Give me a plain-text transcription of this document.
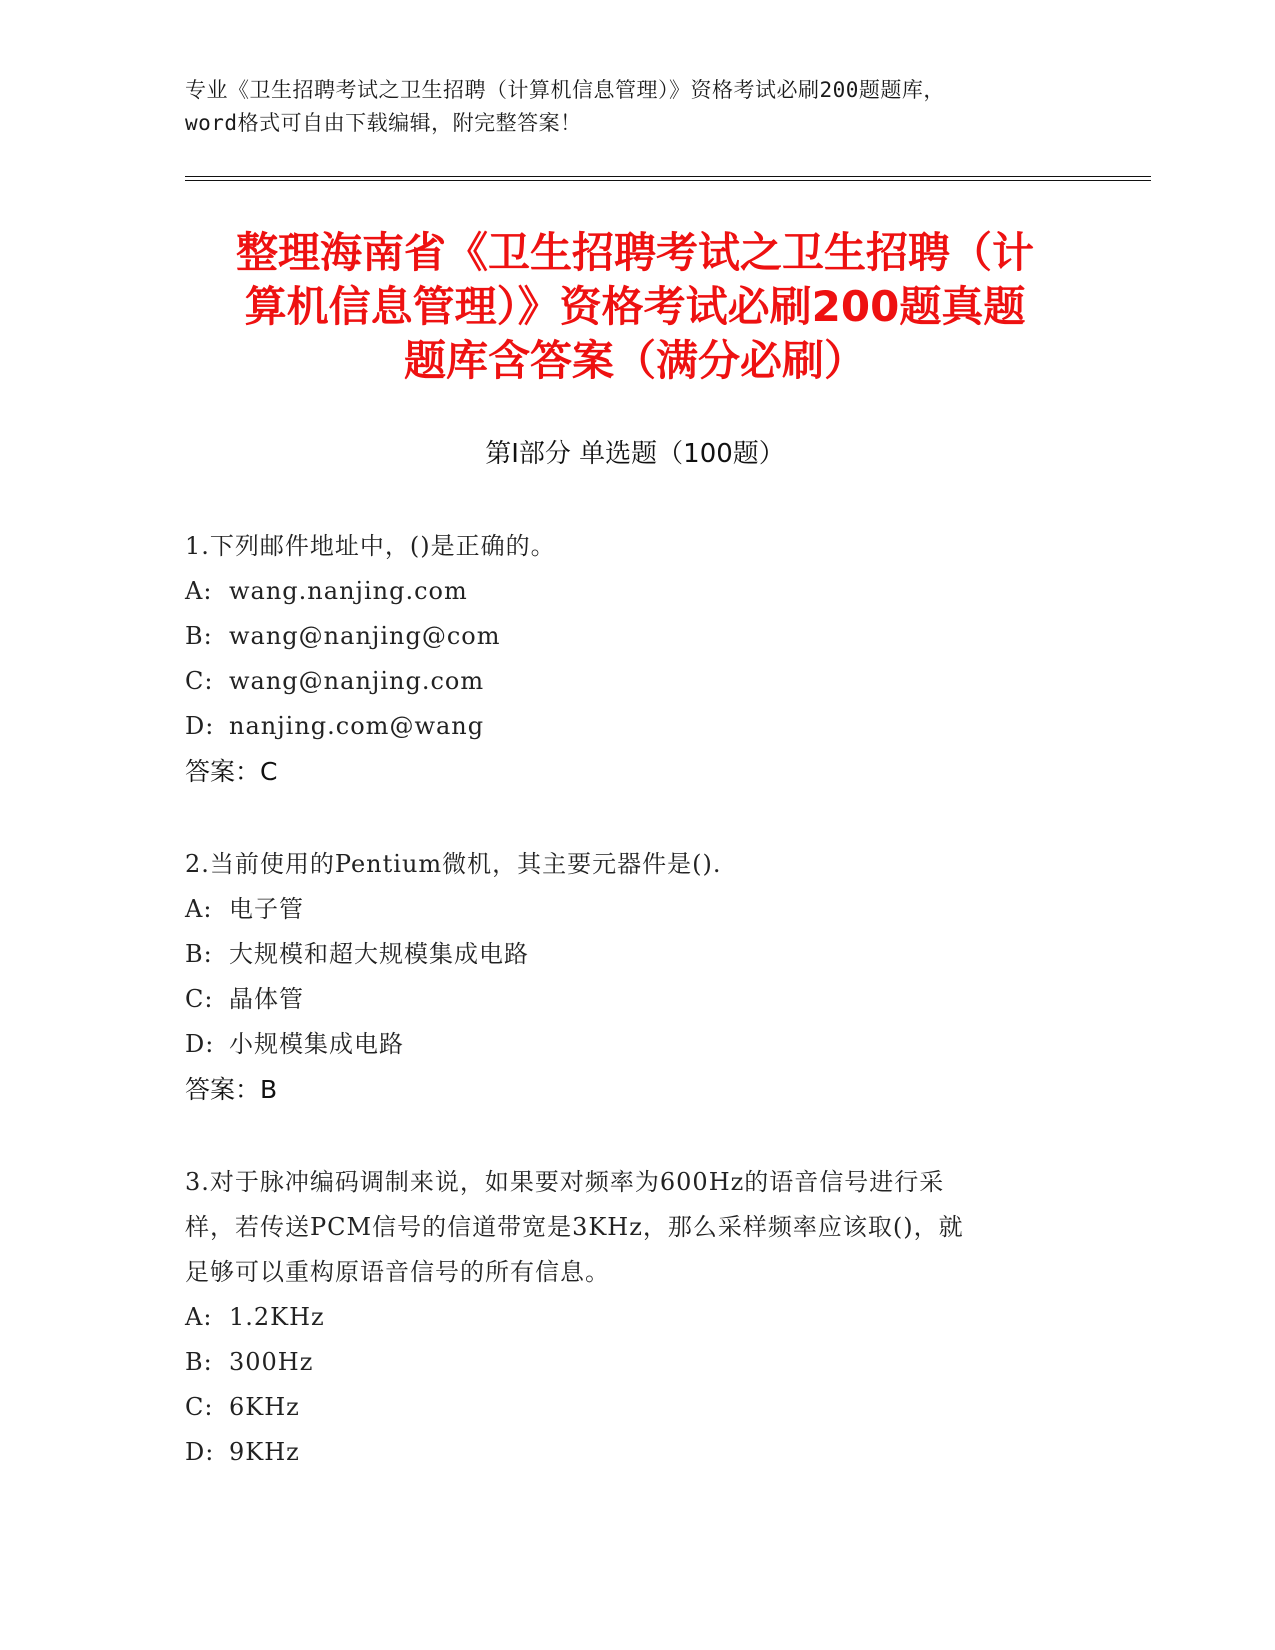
专业《卫生招聘考试之卫生招聘（计算机信息管理）》资格考试必刷200题题库，
word格式可自由下载编辑，附完整答案！
整理海南省《卫生招聘考试之卫生招聘（计
算机信息管理）》资格考试必刷200题真题
题库含答案（满分必刷）
第Ⅰ部分 单选题（100题）
1.下列邮件地址中，()是正确的。
A: wang.nanjing.com
B: wang@nanjing@com
C: wang@nanjing.com
D: nanjing.com@wang
答案：C
2.当前使用的Pentium微机，其主要元器件是().
A: 电子管
B: 大规模和超大规模集成电路
C: 晶体管
D: 小规模集成电路
答案：B
3.对于脉冲编码调制来说，如果要对频率为600Hz的语音信号进行采
样，若传送PCM信号的信道带宽是3KHz，那么采样频率应该取()，就
足够可以重构原语音信号的所有信息。
A: 1.2KHz
B: 300Hz
C: 6KHz
D: 9KHz
